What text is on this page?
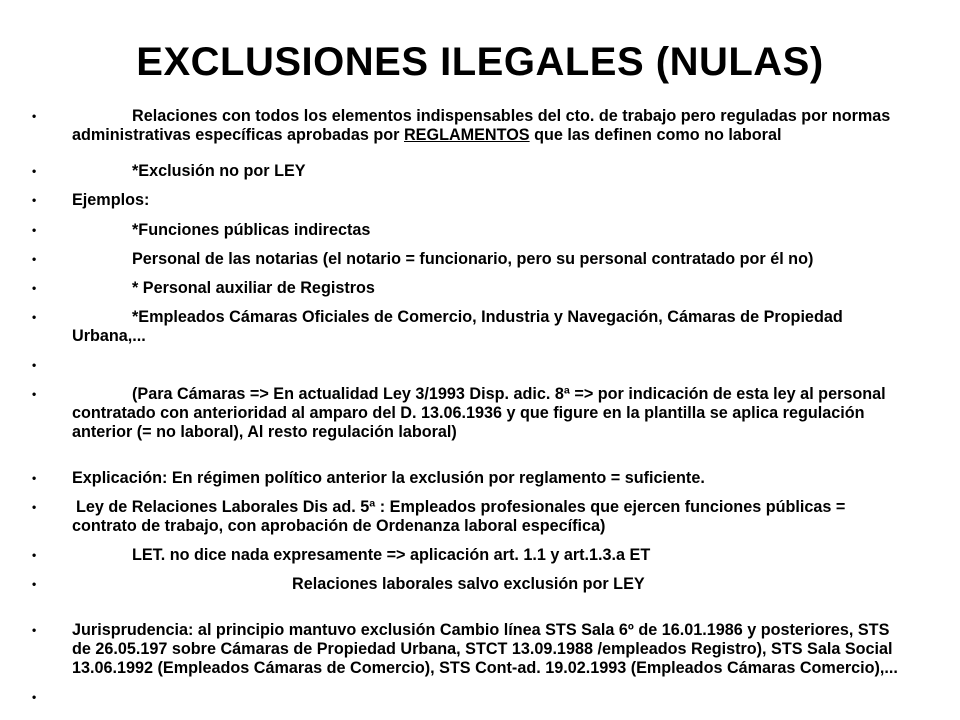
EXCLUSIONES ILEGALES (NULAS)
•	Relaciones con todos los elementos indispensables del cto. de trabajo pero reguladas por normas administrativas específicas aprobadas por REGLAMENTOS que las definen como no laboral
•	*Exclusión no por LEY
• Ejemplos:
•	*Funciones públicas indirectas
•	Personal de las notarias (el notario = funcionario, pero su personal contratado por él no)
•	* Personal auxiliar de Registros
•	*Empleados Cámaras Oficiales de Comercio, Industria y Navegación, Cámaras de Propiedad Urbana,...
•
•	(Para Cámaras => En actualidad Ley 3/1993 Disp. adic. 8ª => por indicación de esta ley al personal contratado con anterioridad al amparo del D. 13.06.1936 y que figure en la plantilla se aplica regulación anterior (= no laboral), Al resto regulación laboral)
• Explicación: En régimen político anterior la exclusión por reglamento = suficiente.
• Ley de Relaciones Laborales Dis ad. 5ª : Empleados profesionales que ejercen funciones públicas = contrato de trabajo, con aprobación de Ordenanza laboral específica)
•	LET. no dice nada expresamente => aplicación art. 1.1 y art.1.3.a ET
•	Relaciones laborales salvo exclusión por LEY
• Jurisprudencia: al principio mantuvo exclusión Cambio línea STS Sala 6º de 16.01.1986 y posteriores, STS de 26.05.197 sobre Cámaras de Propiedad Urbana, STCT 13.09.1988 /empleados Registro), STS Sala Social 13.06.1992 (Empleados Cámaras de Comercio), STS Cont-ad. 19.02.1993 (Empleados Cámaras Comercio),...
•
